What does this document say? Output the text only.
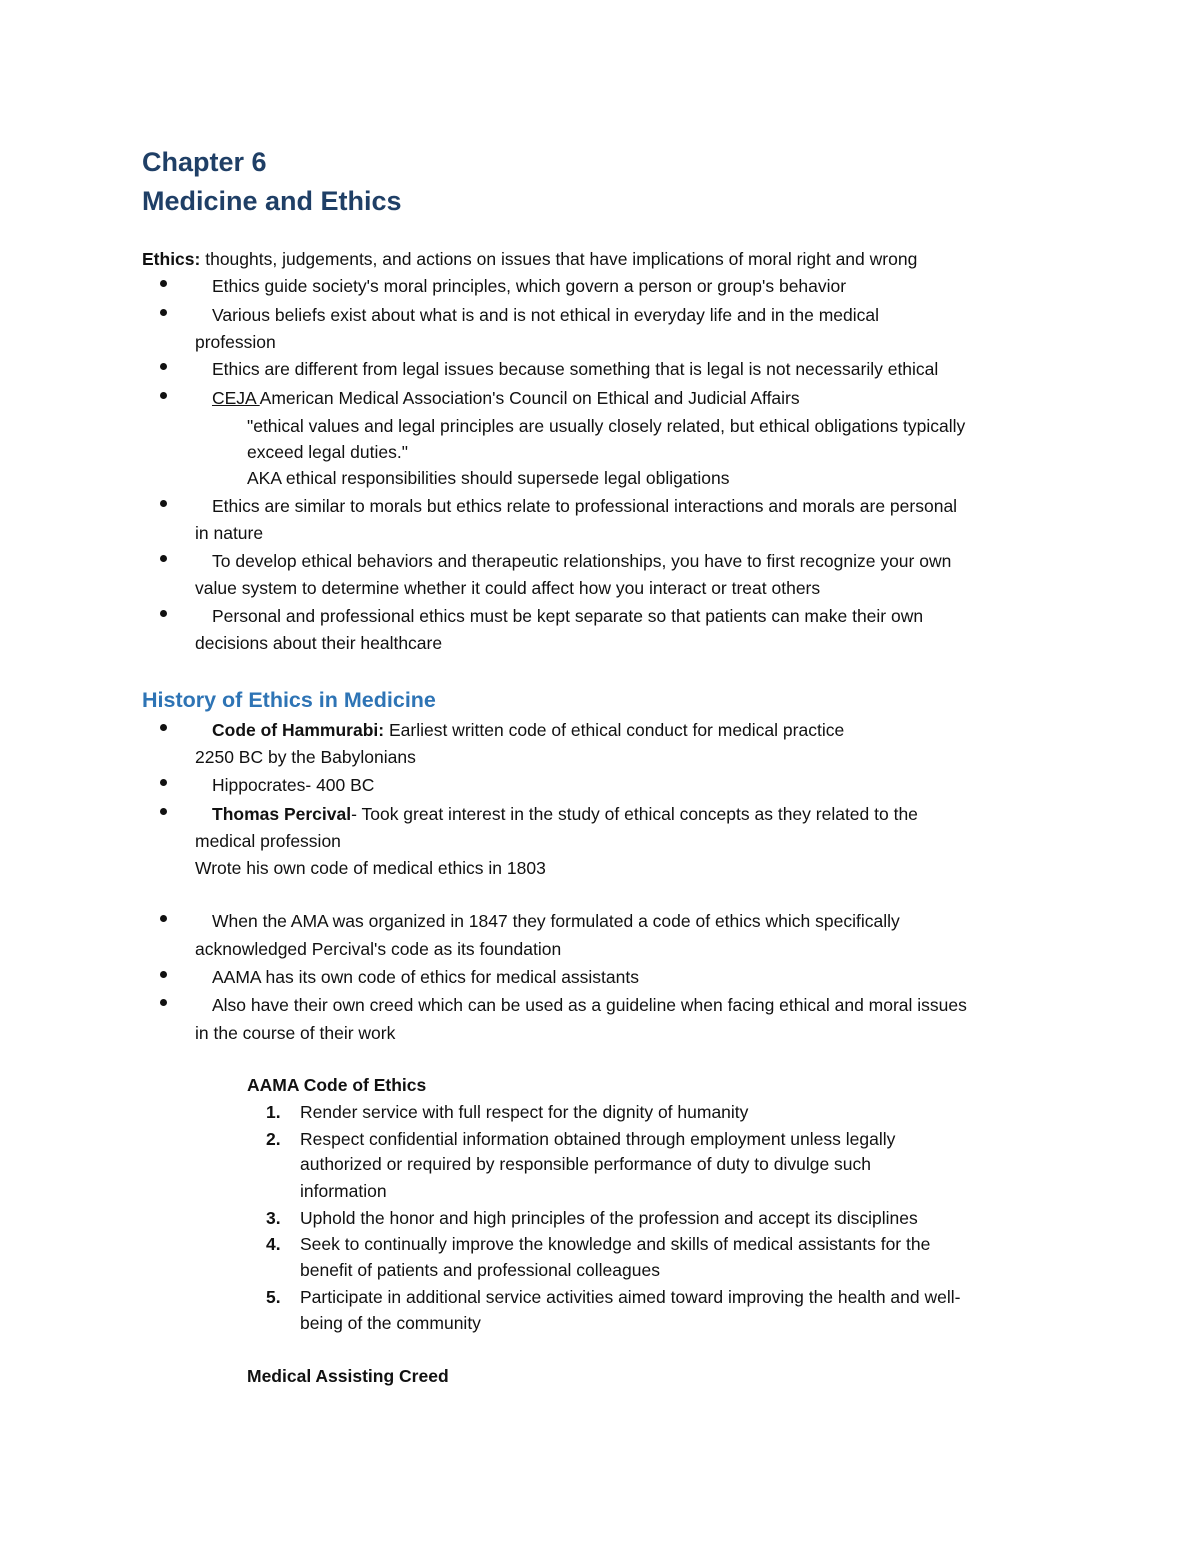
Chapter 6
Medicine and Ethics

Ethics: thoughts, judgements, and actions on issues that have implications of moral right and wrong

Ethics guide society's moral principles, which govern a person or group's behavior

Various beliefs exist about what is and is not ethical in everyday life and in the medical

profession

Ethics are different from legal issues because something that is legal is not necessarily ethical

CEJA American Medical Association's Council on Ethical and Judicial Affairs

"ethical values and legal principles are usually closely related, but ethical obligations typically

exceed legal duties."

AKA ethical responsibilities should supersede legal obligations

Ethics are similar to morals but ethics relate to professional interactions and morals are personal

in nature

To develop ethical behaviors and therapeutic relationships, you have to first recognize your own

value system to determine whether it could affect how you interact or treat others

Personal and professional ethics must be kept separate so that patients can make their own

decisions about their healthcare

History of Ethics in Medicine

Code of Hammurabi: Earliest written code of ethical conduct for medical practice

2250 BC by the Babylonians

Hippocrates- 400 BC

Thomas Percival- Took great interest in the study of ethical concepts as they related to the

medical profession

Wrote his own code of medical ethics in 1803

When the AMA was organized in 1847 they formulated a code of ethics which specifically

acknowledged Percival's code as its foundation

AAMA has its own code of ethics for medical assistants

Also have their own creed which can be used as a guideline when facing ethical and moral issues

in the course of their work

AAMA Code of Ethics

1. Render service with full respect for the dignity of humanity

2. Respect confidential information obtained through employment unless legally

authorized or required by responsible performance of duty to divulge such

information

3. Uphold the honor and high principles of the profession and accept its disciplines

4. Seek to continually improve the knowledge and skills of medical assistants for the

benefit of patients and professional colleagues

5. Participate in additional service activities aimed toward improving the health and well-

being of the community

Medical Assisting Creed
